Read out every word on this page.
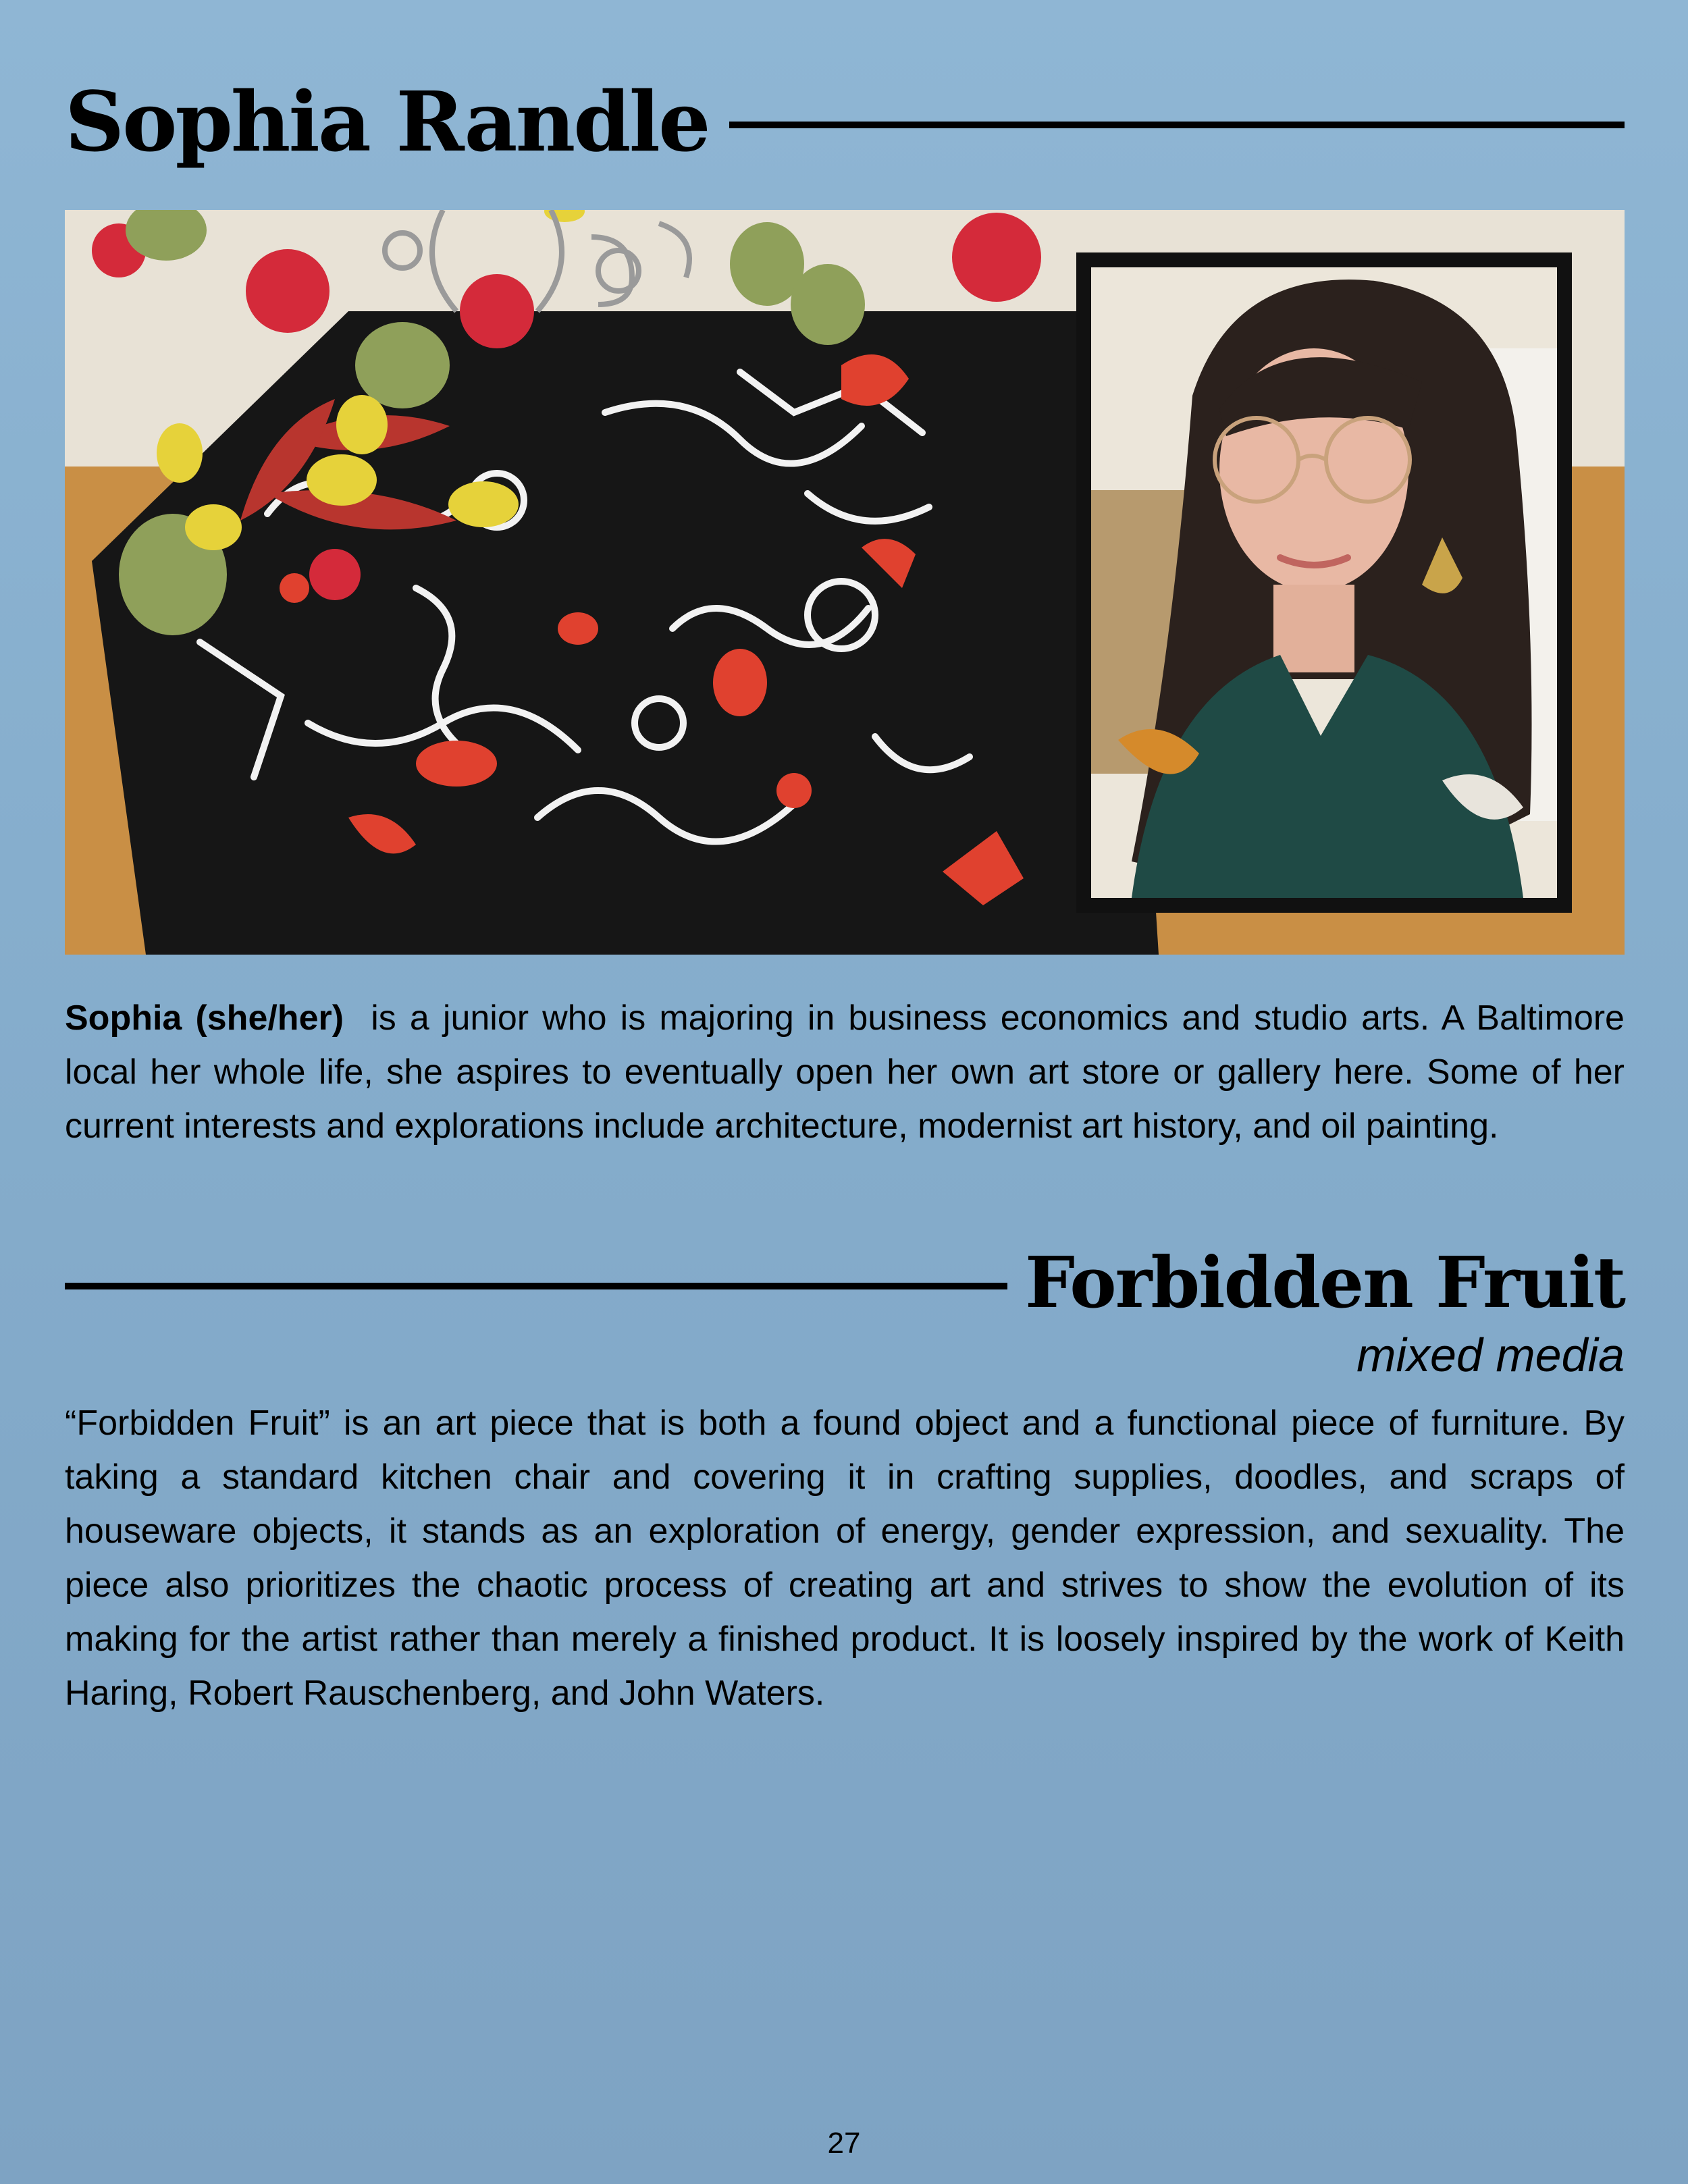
Sophia Randle
Sophia (she/her)  is a junior who is majoring in business economics and studio arts. A Baltimore local her whole life, she aspires to eventually open her own art store or gallery here. Some of her current interests and explorations include architecture, modernist art history, and oil painting.
Forbidden Fruit
mixed media
“Forbidden Fruit” is an art piece that is both a found object and a functional piece of furniture. By taking a standard kitchen chair and covering it in crafting supplies, doodles, and scraps of houseware objects, it stands as an exploration of energy, gender expression, and sexuality. The piece also prioritizes the chaotic process of creating art and strives to show the evolution of its making for the artist rather than merely a finished product. It is loosely inspired by the work of Keith Haring, Robert Rauschenberg, and John Waters.
27
